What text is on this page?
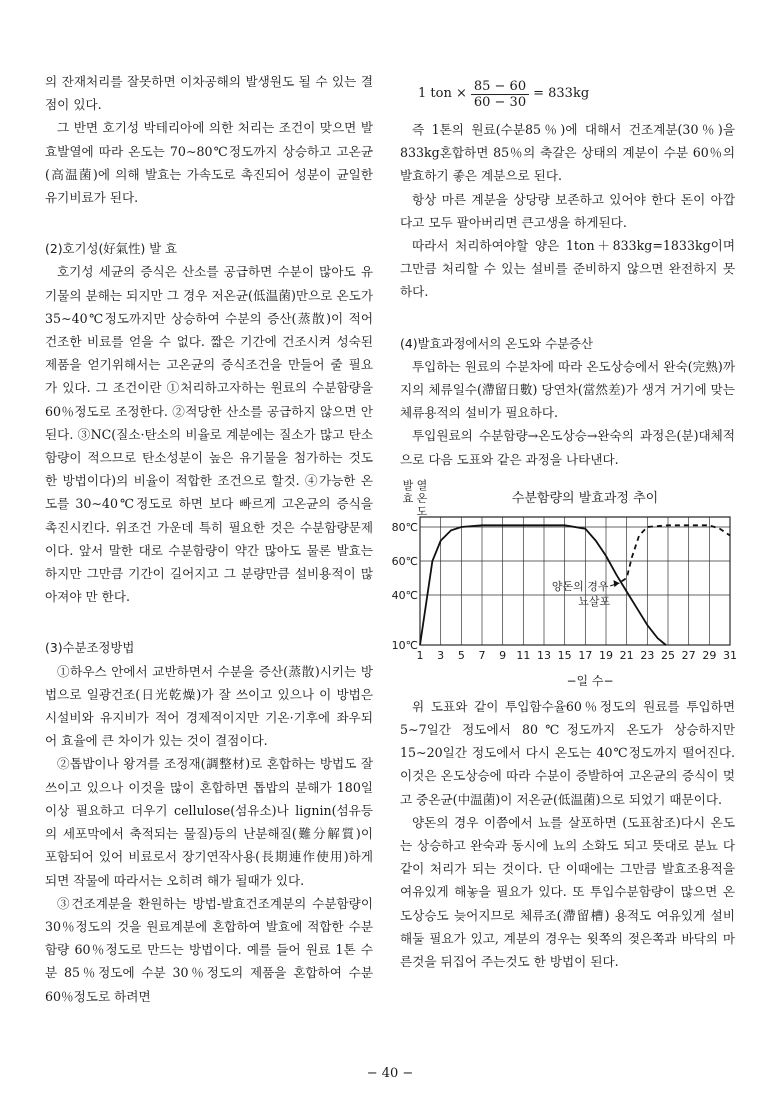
의 잔재처리를 잘못하면 이차공해의 발생원도 될 수 있는 결점이 있다.

그 반면 호기성 박테리아에 의한 처리는 조건이 맞으면 발효발열에 따라 온도는 70∼80℃정도까지 상승하고 고온균(高温菌)에 의해 발효는 가속도로 촉진되어 성분이 균일한 유기비료가 된다.

(2)호기성(好氣性) 발 효

호기성 세균의 증식은 산소를 공급하면 수분이 많아도 유기물의 분해는 되지만 그 경우 저온균(低温菌)만으로 온도가 35∼40℃정도까지만 상승하여 수분의 증산(蒸散)이 적어 건조한 비료를 얻을 수 없다. 짧은 기간에 건조시켜 성숙된 제품을 얻기위해서는 고온균의 증식조건을 만들어 줄 필요가 있다. 그 조건이란 ①처리하고자하는 원료의 수분함량을 60％정도로 조정한다. ②적당한 산소를 공급하지 않으면 안된다. ③NC(질소·탄소의 비율로 계분에는 질소가 많고 탄소 함량이 적으므로 탄소성분이 높은 유기물을 첨가하는 것도 한 방법이다)의 비율이 적합한 조건으로 할것. ④가능한 온도를 30∼40℃정도로 하면 보다 빠르게 고온균의 증식을 촉진시킨다. 위조건 가운데 특히 필요한 것은 수분함량문제이다. 앞서 말한 대로 수분함량이 약간 많아도 물론 발효는 하지만 그만큼 기간이 길어지고 그 분량만큼 설비용적이 많아져야 만 한다.

(3)수분조정방법

①하우스 안에서 교반하면서 수분을 증산(蒸散)시키는 방법으로 일광건조(日光乾燥)가 잘 쓰이고 있으나 이 방법은 시설비와 유지비가 적어 경제적이지만 기온·기후에 좌우되어 효율에 큰 차이가 있는 것이 결점이다.

②톱밥이나 왕겨를 조정재(調整材)로 혼합하는 방법도 잘 쓰이고 있으나 이것을 많이 혼합하면 톱밥의 분해가 180일이상 필요하고 더우기 cellulose(섬유소)나 lignin(섬유등의 세포막에서 축적되는 물질)등의 난분해질(難分解質)이 포함되어 있어 비료로서 장기연작사용(長期連作使用)하게되면 작물에 따라서는 오히려 해가 될때가 있다.

③건조계분을 환원하는 방법-발효건조계분의 수분함량이 30％정도의 것을 원료계분에 혼합하여 발효에 적합한 수분함량 60％정도로 만드는 방법이다. 예를 들어 원료 1톤 수분 85％정도에 수분 30％정도의 제품을 혼합하여 수분 60％정도로 하려면

1 ton × $\frac{85 - 60}{60 - 30} = 833kg$

즉 1톤의 원료(수분85％)에 대해서 건조계분(30％)을 833kg혼합하면 85％의 축갈은 상태의 계분이 수분 60％의 발효하기 좋은 계분으로 된다.

항상 마른 계분을 상당량 보존하고 있어야 한다 돈이 아깝다고 모두 팔아버리면 큰고생을 하게된다.

따라서 처리하여야할 양은 1ton＋833kg=1833kg이며 그만큼 처리할 수 있는 설비를 준비하지 않으면 완전하지 못하다.

(4)발효과정에서의 온도와 수분증산

투입하는 원료의 수분차에 따라 온도상승에서 완숙(完熟)까지의 체류일수(滯留日數) 당연차(當然差)가 생겨 거기에 맞는 체류용적의 설비가 필요하다.

투입원료의 수분함량→온도상승→완숙의 과정은(분)대체적으로 다음 도표와 같은 과정을 나타낸다.

수분함량의 발효과정 추이
발
효
열
온
도
80℃
60℃
40℃
10℃
1 3 5 7 9 11 13 15 17 19 21 23 25 27 29 31
양돈의 경우
뇨살포
−일 수−

위 도표와 같이 투입함수율60％정도의 원료를 투입하면 5∼7일간 정도에서 80℃정도까지 온도가 상승하지만 15∼20일간 정도에서 다시 온도는 40℃정도까지 떨어진다. 이것은 온도상승에 따라 수분이 증발하여 고온균의 증식이 멎고 중온균(中温菌)이 저온균(低温菌)으로 되었기 때문이다.

양돈의 경우 이쯤에서 뇨를 살포하면 (도표참조)다시 온도는 상승하고 완숙과 동시에 뇨의 소화도 되고 뜻대로 분뇨 다같이 처리가 되는 것이다. 단 이때에는 그만큼 발효조용적을 여유있게 해놓을 필요가 있다. 또 투입수분함량이 많으면 온도상승도 늦어지므로 체류조(滯留槽) 용적도 여유있게 설비해둘 필요가 있고, 계분의 경우는 윗쪽의 젖은쪽과 바닥의 마른것을 뒤집어 주는것도 한 방법이 된다.

− 40 −
